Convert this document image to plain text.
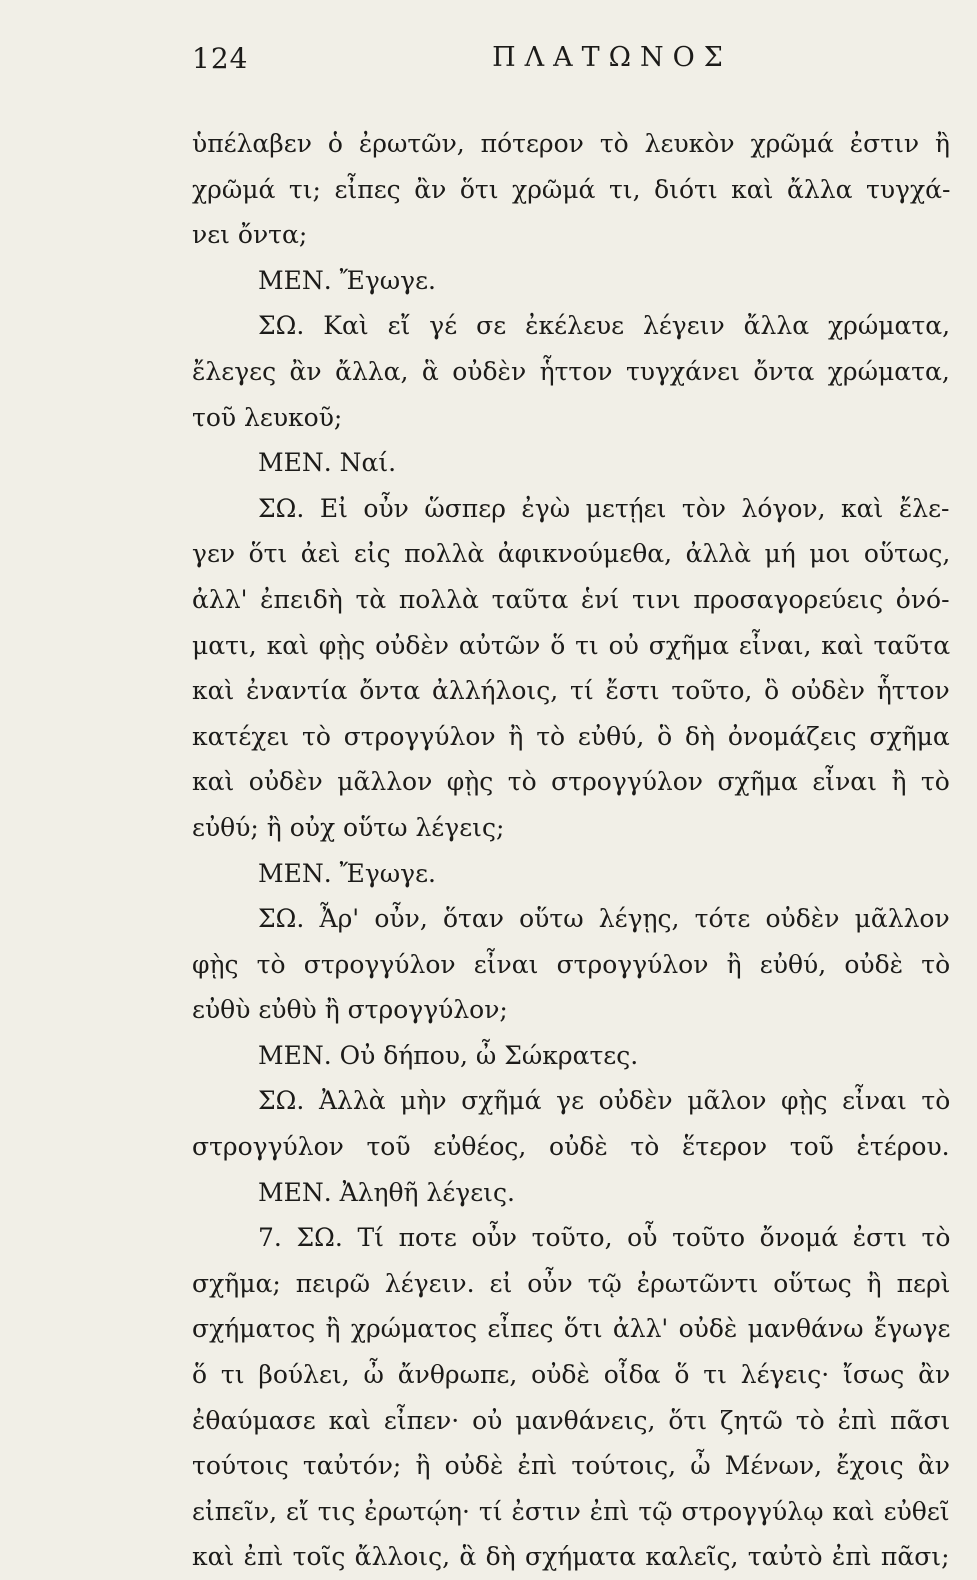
124	ΠΛΑΤΩΝΟΣ
ὑπέλαβεν ὁ ἐρωτῶν, πότερον τὸ λευκὸν χρῶμά ἐστιν ἢ
χρῶμά τι; εἶπες ἂν ὅτι χρῶμά τι, διότι καὶ ἄλλα τυγχά-
νει ὄντα;
ΜΕΝ. Ἔγωγε.
ΣΩ. Καὶ εἴ γέ σε ἐκέλευε λέγειν ἄλλα χρώματα,
ἔλεγες ἂν ἄλλα, ἃ οὐδὲν ἧττον τυγχάνει ὄντα χρώματα,
τοῦ λευκοῦ;
ΜΕΝ. Ναί.
ΣΩ. Εἰ οὖν ὥσπερ ἐγὼ μετῄει τὸν λόγον, καὶ ἔλε-
γεν ὅτι ἀεὶ εἰς πολλὰ ἀφικνούμεθα, ἀλλὰ μή μοι οὕτως,
ἀλλ' ἐπειδὴ τὰ πολλὰ ταῦτα ἑνί τινι προσαγορεύεις ὀνό-
ματι, καὶ φῂς οὐδὲν αὐτῶν ὅ τι οὐ σχῆμα εἶναι, καὶ ταῦτα
καὶ ἐναντία ὄντα ἀλλήλοις, τί ἔστι τοῦτο, ὃ οὐδὲν ἧττον
κατέχει τὸ στρογγύλον ἢ τὸ εὐθύ, ὃ δὴ ὀνομάζεις σχῆμα
καὶ οὐδὲν μᾶλλον φῂς τὸ στρογγύλον σχῆμα εἶναι ἢ τὸ
εὐθύ; ἢ οὐχ οὕτω λέγεις;
ΜΕΝ. Ἔγωγε.
ΣΩ. Ἆρ' οὖν, ὅταν οὕτω λέγῃς, τότε οὐδὲν μᾶλλον
φῂς τὸ στρογγύλον εἶναι στρογγύλον ἢ εὐθύ, οὐδὲ τὸ
εὐθὺ εὐθὺ ἢ στρογγύλον;
ΜΕΝ. Οὐ δήπου, ὦ Σώκρατες.
ΣΩ. Ἀλλὰ μὴν σχῆμά γε οὐδὲν μᾶλον φῂς εἶναι τὸ
στρογγύλον τοῦ εὐθέος, οὐδὲ τὸ ἕτερον τοῦ ἑτέρου.
ΜΕΝ. Ἀληθῆ λέγεις.
7. ΣΩ. Τί ποτε οὖν τοῦτο, οὗ τοῦτο ὄνομά ἐστι τὸ
σχῆμα; πειρῶ λέγειν. εἰ οὖν τῷ ἐρωτῶντι οὕτως ἢ περὶ
σχήματος ἢ χρώματος εἶπες ὅτι ἀλλ' οὐδὲ μανθάνω ἔγωγε
ὅ τι βούλει, ὦ ἄνθρωπε, οὐδὲ οἶδα ὅ τι λέγεις· ἴσως ἂν
ἐθαύμασε καὶ εἶπεν· οὐ μανθάνεις, ὅτι ζητῶ τὸ ἐπὶ πᾶσι
τούτοις ταὐτόν; ἢ οὐδὲ ἐπὶ τούτοις, ὦ Μένων, ἔχοις ἂν
εἰπεῖν, εἴ τις ἐρωτῴη· τί ἐστιν ἐπὶ τῷ στρογγύλῳ καὶ εὐθεῖ
καὶ ἐπὶ τοῖς ἄλλοις, ἃ δὴ σχήματα καλεῖς, ταὐτὸ ἐπὶ πᾶσι;
